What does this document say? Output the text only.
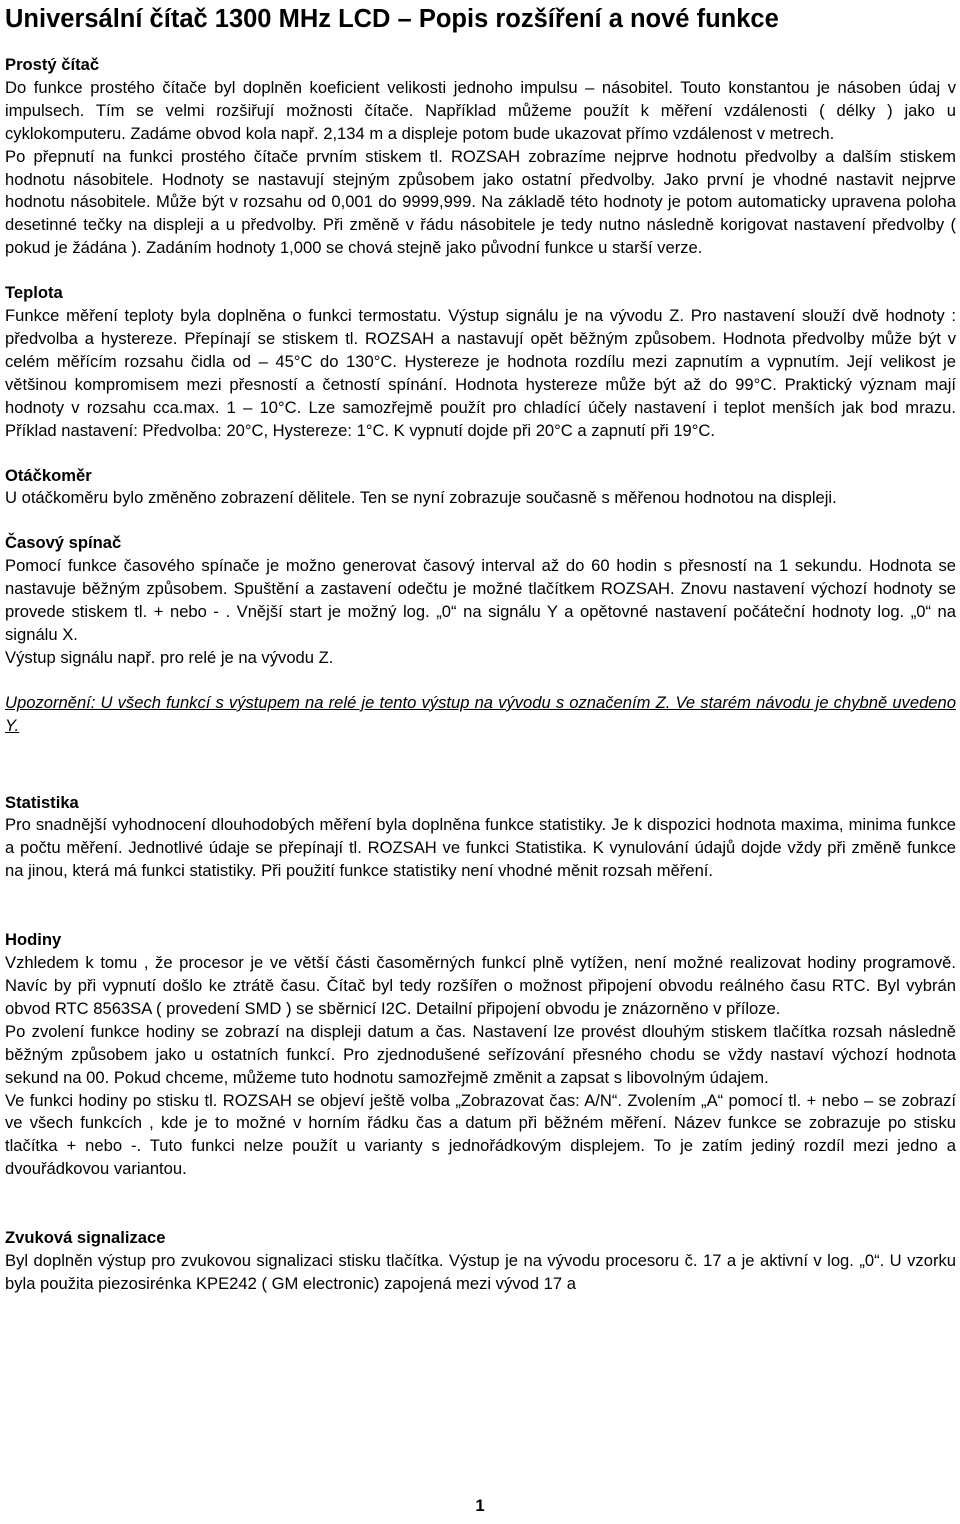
Universální čítač 1300 MHz LCD – Popis rozšíření a nové funkce
Prostý čítač

Do funkce prostého čítače byl doplněn koeficient velikosti jednoho impulsu – násobitel. Touto konstantou je násoben údaj v impulsech. Tím se velmi rozšiřují možnosti čítače. Například můžeme použít k měření vzdálenosti ( délky ) jako u cyklokomputeru. Zadáme obvod kola např. 2,134 m a displeje potom bude ukazovat přímo vzdálenost v metrech.

Po přepnutí na funkci prostého čítače prvním stiskem tl. ROZSAH zobrazíme nejprve hodnotu předvolby a dalším stiskem hodnotu násobitele. Hodnoty se nastavují stejným způsobem jako ostatní předvolby. Jako první je vhodné nastavit nejprve hodnotu násobitele. Může být v rozsahu od 0,001 do 9999,999. Na základě této hodnoty je potom automaticky upravena poloha desetinné tečky na displeji a u předvolby. Při změně v řádu násobitele je tedy nutno následně korigovat nastavení předvolby ( pokud je žádána ). Zadáním hodnoty 1,000 se chová stejně jako původní funkce u starší verze.

Teplota

Funkce měření teploty byla doplněna o funkci termostatu. Výstup signálu je na vývodu Z. Pro nastavení slouží dvě hodnoty : předvolba a hystereze. Přepínají se stiskem tl. ROZSAH a nastavují opět běžným způsobem. Hodnota předvolby může být v celém měřícím rozsahu čidla od – 45°C do 130°C. Hystereze je hodnota rozdílu mezi zapnutím a vypnutím. Její velikost je většinou kompromisem mezi přesností a četností spínání. Hodnota hystereze může být až do 99°C. Praktický význam mají hodnoty v rozsahu cca.max. 1 – 10°C. Lze samozřejmě použít pro chladící účely nastavení i teplot menších jak bod mrazu. Příklad nastavení: Předvolba: 20°C, Hystereze: 1°C. K vypnutí dojde při 20°C a zapnutí při 19°C.

Otáčkoměr

U otáčkoměru bylo změněno zobrazení dělitele. Ten se nyní zobrazuje současně s měřenou hodnotou na displeji.

Časový spínač

Pomocí funkce časového spínače je možno generovat časový interval až do 60 hodin s přesností na 1 sekundu. Hodnota se nastavuje běžným způsobem. Spuštění a zastavení odečtu je možné tlačítkem ROZSAH. Znovu nastavení výchozí hodnoty se provede stiskem tl. + nebo - . Vnější start je možný log. „0“ na signálu Y a opětovné nastavení počáteční hodnoty log. „0“ na signálu X.

Výstup signálu např. pro relé je na vývodu Z.

Upozornění: U všech funkcí s výstupem na relé je tento výstup na vývodu s označením Z. Ve starém návodu je chybně uvedeno Y.

Statistika

Pro snadnější vyhodnocení dlouhodobých měření byla doplněna funkce statistiky. Je k dispozici hodnota maxima, minima funkce a počtu měření. Jednotlivé údaje se přepínají tl. ROZSAH ve funkci Statistika. K vynulování údajů dojde vždy při změně funkce na jinou, která má funkci statistiky. Při použití funkce statistiky není vhodné měnit rozsah měření.

Hodiny

Vzhledem k tomu , že procesor je ve větší části časoměrných funkcí plně vytížen, není možné realizovat hodiny programově. Navíc by při vypnutí došlo ke ztrátě času. Čítač byl tedy rozšířen o možnost připojení obvodu reálného času RTC. Byl vybrán obvod RTC 8563SA ( provedení SMD ) se sběrnicí I2C. Detailní připojení obvodu je znázorněno v příloze.

Po zvolení funkce hodiny se zobrazí na displeji datum a čas. Nastavení lze provést dlouhým stiskem tlačítka rozsah následně běžným způsobem jako u ostatních funkcí. Pro zjednodušené seřízování přesného chodu se vždy nastaví výchozí hodnota sekund na 00. Pokud chceme, můžeme tuto hodnotu samozřejmě změnit a zapsat s libovolným údajem.

Ve funkci hodiny po stisku tl. ROZSAH se objeví ještě volba „Zobrazovat čas: A/N“. Zvolením „A“ pomocí tl. + nebo – se zobrazí ve všech funkcích , kde je to možné v horním řádku čas a datum při běžném měření. Název funkce se zobrazuje po stisku tlačítka + nebo -. Tuto funkci nelze použít u varianty s jednořádkovým displejem. To je zatím jediný rozdíl mezi jedno a dvouřádkovou variantou.

Zvuková signalizace

Byl doplněn výstup pro zvukovou signalizaci stisku tlačítka. Výstup je na vývodu procesoru č. 17 a je aktivní v log. „0“. U vzorku byla použita piezosirénka KPE242 ( GM electronic) zapojená mezi vývod 17 a

1
